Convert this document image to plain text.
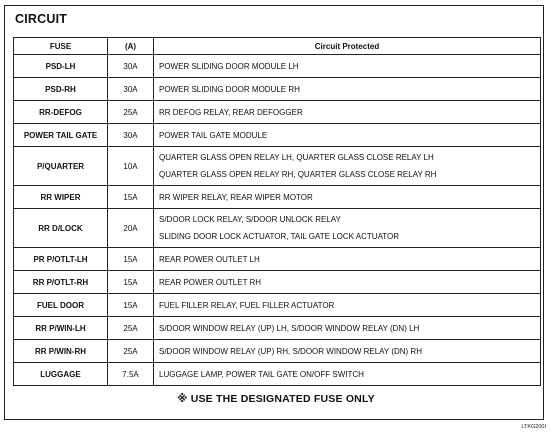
CIRCUIT
FUSE	(A)	Circuit Protected
PSD-LH	30A	POWER SLIDING DOOR MODULE LH

PSD-RH	30A	POWER SLIDING DOOR MODULE RH

RR-DEFOG	25A	RR DEFOG RELAY, REAR DEFOGGER

POWER TAIL GATE	30A	POWER TAIL GATE MODULE

P/QUARTER	10A	QUARTER GLASS OPEN RELAY LH, QUARTER GLASS CLOSE RELAY LH
QUARTER GLASS OPEN RELAY RH, QUARTER GLASS CLOSE RELAY RH

RR WIPER	15A	RR WIPER RELAY, REAR WIPER MOTOR

RR D/LOCK	20A	S/DOOR LOCK RELAY, S/DOOR UNLOCK RELAY
SLIDING DOOR LOCK ACTUATOR, TAIL GATE LOCK ACTUATOR

PR P/OTLT-LH	15A	REAR POWER OUTLET LH

RR P/OTLT-RH	15A	REAR POWER OUTLET RH

FUEL DOOR	15A	FUEL FILLER RELAY, FUEL FILLER ACTUATOR

RR P/WIN-LH	25A	S/DOOR WINDOW RELAY (UP) LH, S/DOOR WINDOW RELAY (DN) LH

RR P/WIN-RH	25A	S/DOOR WINDOW RELAY (UP) RH, S/DOOR WINDOW RELAY (DN) RH

LUGGAGE	7.5A	LUGGAGE LAMP, POWER TAIL GATE ON/OFF SWITCH
※ USE THE DESIGNATED FUSE ONLY
LTKG200I
